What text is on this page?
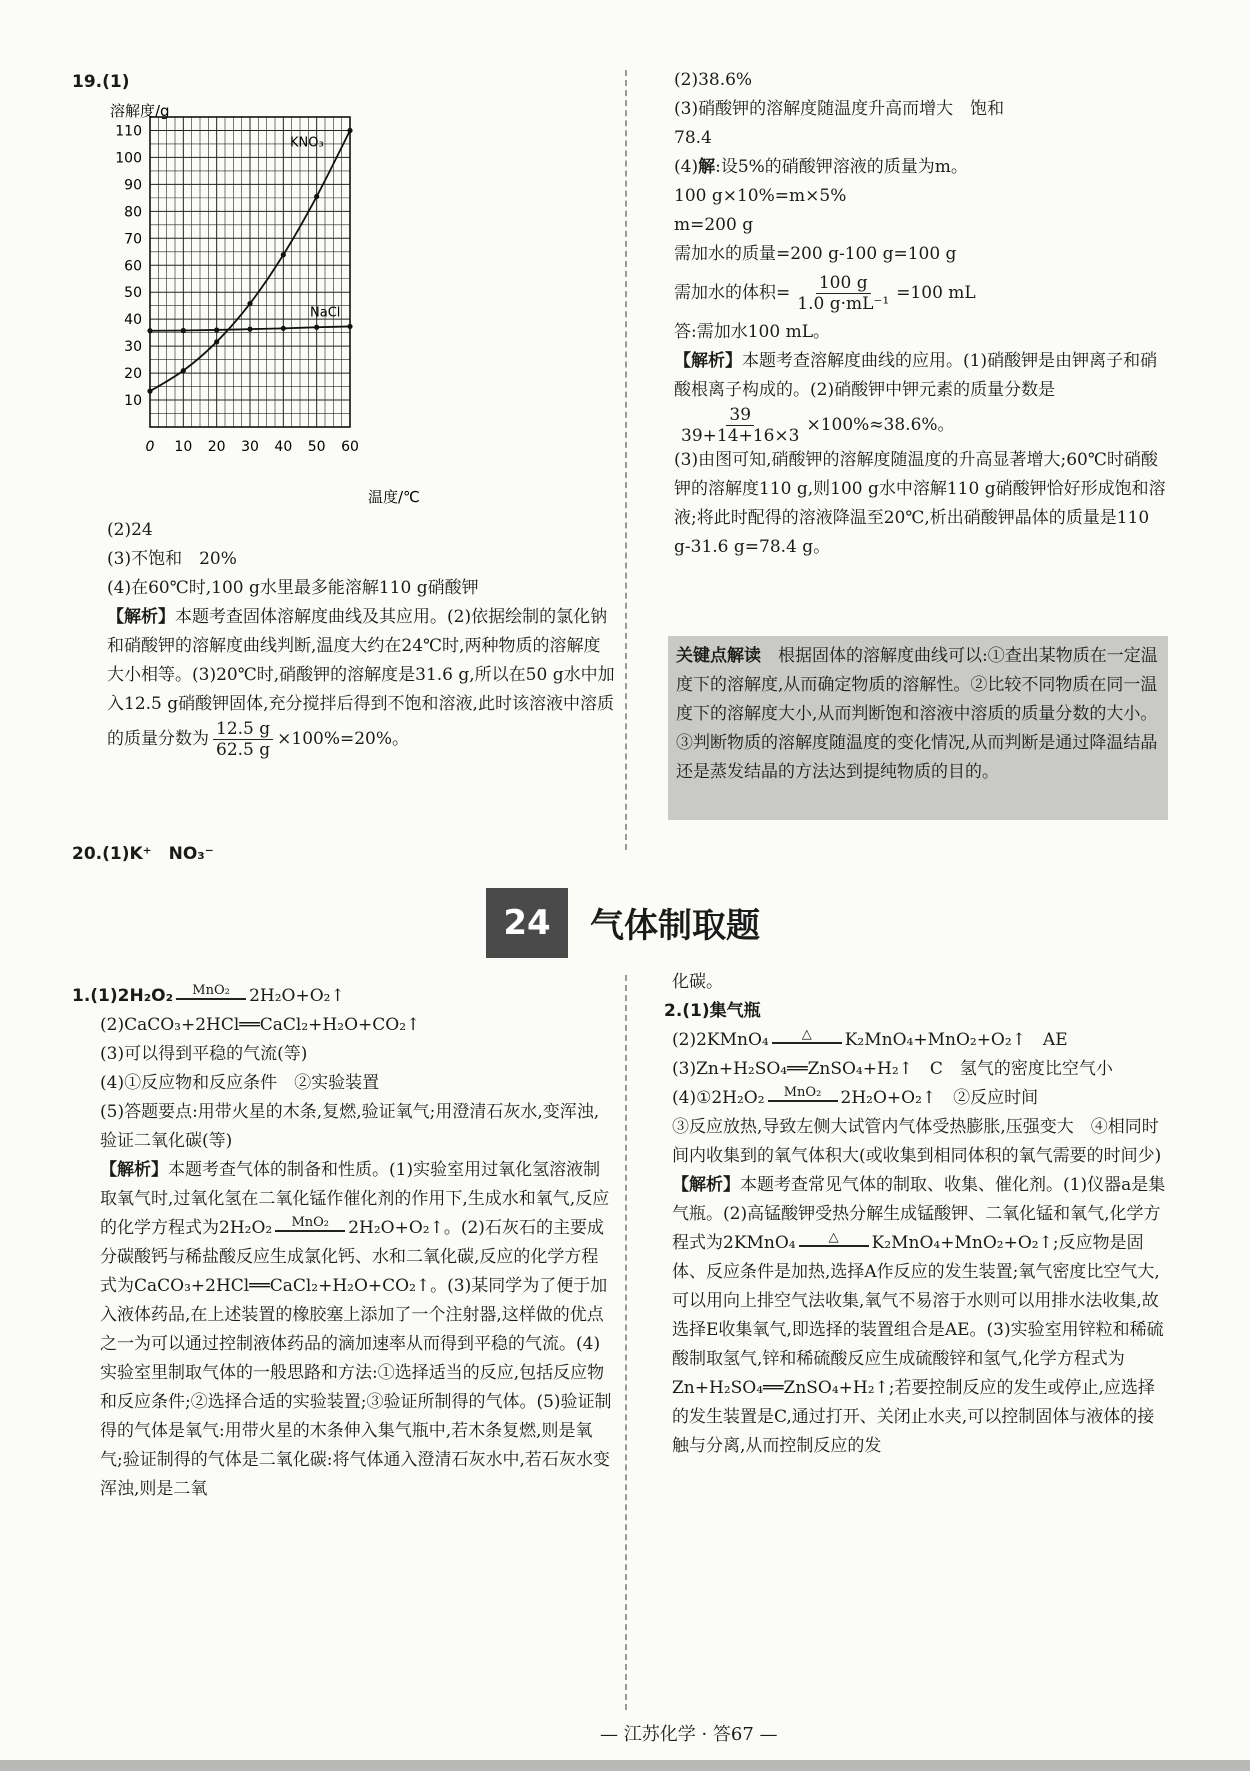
19.(1)

溶解度/g
10
20
30
40
50
60
70
80
90
100
110
0 10 20 30 40 50 60
KNO₃
NaCl
温度/℃

(2)24

(3)不饱和　20%

(4)在60℃时,100 g水里最多能溶解110 g硝酸钾

【解析】本题考查固体溶解度曲线及其应用。(2)依据绘制的氯化钠和硝酸钾的溶解度曲线判断,温度大约在24℃时,两种物质的溶解度大小相等。(3)20℃时,硝酸钾的溶解度是31.6 g,所以在50 g水中加入12.5 g硝酸钾固体,充分搅拌后得到不饱和溶液,此时该溶液中溶质的质量分数为 $\frac{12.5 g}{62.5 g} \times 100\%=20\%$。

20.(1)K⁺　NO₃⁻

(2)38.6%

(3)硝酸钾的溶解度随温度升高而增大　饱和

78.4

(4)解:设5%的硝酸钾溶液的质量为m。

100 g×10%=m×5%

m=200 g

需加水的质量=200 g-100 g=100 g

需加水的体积= $\frac{100 g}{\text{1.0 g·mL⁻¹}} =100$ mL

答:需加水100 mL。

【解析】本题考查溶解度曲线的应用。(1)硝酸钾是由钾离子和硝酸根离子构成的。(2)硝酸钾中钾元素的质量分数是
$\frac{39}{39+14+16\times 3} \times 100\%\approx 38.6\%$。

(3)由图可知,硝酸钾的溶解度随温度的升高显著增大;60℃时硝酸钾的溶解度110 g,则100 g水中溶解110 g硝酸钾恰好形成饱和溶液;将此时配得的溶液降温至20℃,析出硝酸钾晶体的质量是110 g-31.6 g=78.4 g。

关键点解读　 根据固体的溶解度曲线可以:①查出某物质在一定温度下的溶解度,从而确定物质的溶解性。②比较不同物质在同一温度下的溶解度大小,从而判断饱和溶液中溶质的质量分数的大小。③判断物质的溶解度随温度的变化情况,从而判断是通过降温结晶还是蒸发结晶的方法达到提纯物质的目的。
24	气体制取题

1.(1)2H₂O₂ MnO₂ 2H₂O+O₂↑

(2)CaCO₃+2HCl══CaCl₂+H₂O+CO₂↑

(3)可以得到平稳的气流(等)

(4)①反应物和反应条件　②实验装置

(5)答题要点:用带火星的木条,复燃,验证氧气;用澄清石灰水,变浑浊,验证二氧化碳(等)

【解析】本题考查气体的制备和性质。(1)实验室用过氧化氢溶液制取氧气时,过氧化氢在二氧化锰作催化剂的作用下,生成水和氧气,反应的化学方程式为2H₂O₂ MnO₂ 2H₂O+O₂↑。(2)石灰石的主要成分碳酸钙与稀盐酸反应生成氯化钙、水和二氧化碳,反应的化学方程式为CaCO₃+2HCl══CaCl₂+H₂O+CO₂↑。(3)某同学为了便于加入液体药品,在上述装置的橡胶塞上添加了一个注射器,这样做的优点之一为可以通过控制液体药品的滴加速率从而得到平稳的气流。(4)实验室里制取气体的一般思路和方法:①选择适当的反应,包括反应物和反应条件;②选择合适的实验装置;③验证所制得的气体。(5)验证制得的气体是氧气:用带火星的木条伸入集气瓶中,若木条复燃,则是氧气;验证制得的气体是二氧化碳:将气体通入澄清石灰水中,若石灰水变浑浊,则是二氧

化碳。

2.(1)集气瓶

(2)2KMnO₄	△ K₂MnO₄+MnO₂+O₂↑　AE

(3)Zn+H₂SO₄══ZnSO₄+H₂↑　C　氢气的密度比空气小

(4)①2H₂O₂ MnO₂ 2H₂O+O₂↑　②反应时间

③反应放热,导致左侧大试管内气体受热膨胀,压强变大　④相同时间内收集到的氧气体积大(或收集到相同体积的氧气需要的时间少)

【解析】本题考查常见气体的制取、收集、催化剂。(1)仪器a是集气瓶。(2)高锰酸钾受热分解生成锰酸钾、二氧化锰和氧气,化学方程式为2KMnO₄	△ K₂MnO₄+MnO₂+O₂↑;反应物是固体、反应条件是加热,选择A作反应的发生装置;氧气密度比空气大,可以用向上排空气法收集,氧气不易溶于水则可以用排水法收集,故选择E收集氧气,即选择的装置组合是AE。(3)实验室用锌粒和稀硫酸制取氢气,锌和稀硫酸反应生成硫酸锌和氢气,化学方程式为Zn+H₂SO₄══ZnSO₄+H₂↑;若要控制反应的发生或停止,应选择的发生装置是C,通过打开、关闭止水夹,可以控制固体与液体的接触与分离,从而控制反应的发

— 江苏化学 · 答67 —
